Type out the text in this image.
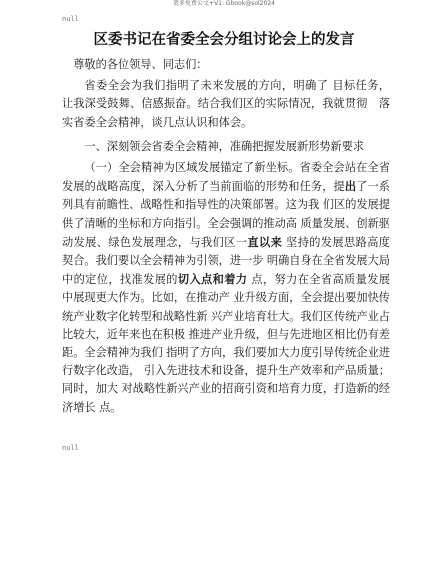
更多免费公文+V1: Gbook@sol2024
null
区委书记在省委全会分组讨论会上的发言

尊敬的各位领导、同志们：

省委全会为我们指明了未来发展的方向，明确了 目标任务， 让我深受鼓舞、信感振奋。结合我们区的实际情况，我就贯彻　落实省委全会精神，谈几点认识和体会。

一、深刻领会省委全会精神，准确把握发展新形势新要求

（一）全会精神为区域发展锚定了新坐标。省委全会站在全省发展的战略高度，深入分析了当前面临的形势和任务，提出了一系列具有前瞻性、战略性和指导性的决策部署。这为我 们区的发展提供了清晰的坐标和方向指引。全会强调的推动高 质量发展、创新驱动发展、绿色发展理念，与我们区一直以来 坚持的发展思路高度契合。我们要以全会精神为引领，进一步 明确自身在全省发展大局中的定位，找准发展的切入点和着力 点，努力在全省高质量发展中展现更大作为。比如，在推动产 业升级方面，全会提出要加快传统产业数字化转型和战略性新 兴产业培育壮大。我们区传统产业占比较大，近年来也在积极 推进产业升级，但与先进地区相比仍有差距。全会精神为我们 指明了方向，我们要加大力度引导传统企业进行数字化改造， 引入先进技术和设备，提升生产效率和产品质量；同时，加大 对战略性新兴产业的招商引资和培育力度，打造新的经济增长 点。

null
